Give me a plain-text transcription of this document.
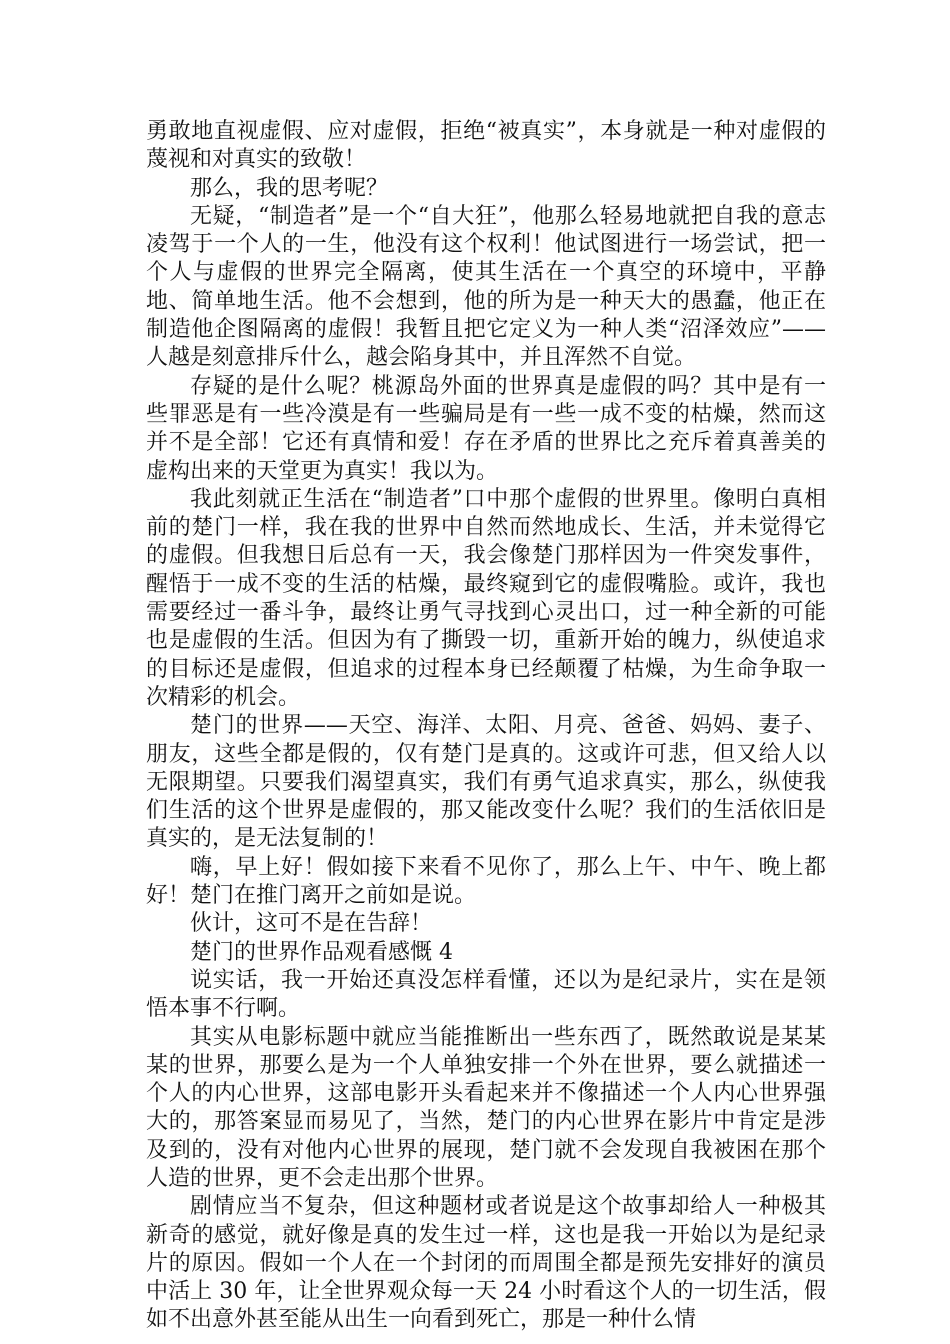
勇敢地直视虚假、应对虚假，拒绝“被真实”，本身就是一种对虚假的蔑视和对真实的致敬！

那么，我的思考呢？

无疑，“制造者”是一个“自大狂”，他那么轻易地就把自我的意志凌驾于一个人的一生，他没有这个权利！他试图进行一场尝试，把一个人与虚假的世界完全隔离，使其生活在一个真空的环境中，平静地、简单地生活。他不会想到，他的所为是一种天大的愚蠢，他正在制造他企图隔离的虚假！我暂且把它定义为一种人类“沼泽效应”——人越是刻意排斥什么，越会陷身其中，并且浑然不自觉。

存疑的是什么呢？桃源岛外面的世界真是虚假的吗？其中是有一些罪恶是有一些冷漠是有一些骗局是有一些一成不变的枯燥，然而这并不是全部！它还有真情和爱！存在矛盾的世界比之充斥着真善美的虚构出来的天堂更为真实！我以为。

我此刻就正生活在“制造者”口中那个虚假的世界里。像明白真相前的楚门一样，我在我的世界中自然而然地成长、生活，并未觉得它的虚假。但我想日后总有一天，我会像楚门那样因为一件突发事件，醒悟于一成不变的生活的枯燥，最终窥到它的虚假嘴脸。或许，我也需要经过一番斗争，最终让勇气寻找到心灵出口，过一种全新的可能也是虚假的生活。但因为有了撕毁一切，重新开始的魄力，纵使追求的目标还是虚假，但追求的过程本身已经颠覆了枯燥，为生命争取一次精彩的机会。

楚门的世界——天空、海洋、太阳、月亮、爸爸、妈妈、妻子、朋友，这些全都是假的，仅有楚门是真的。这或许可悲，但又给人以无限期望。只要我们渴望真实，我们有勇气追求真实，那么，纵使我们生活的这个世界是虚假的，那又能改变什么呢？我们的生活依旧是真实的，是无法复制的！

嗨，早上好！假如接下来看不见你了，那么上午、中午、晚上都好！楚门在推门离开之前如是说。

伙计，这可不是在告辞！

楚门的世界作品观看感慨 4

说实话，我一开始还真没怎样看懂，还以为是纪录片，实在是领悟本事不行啊。

其实从电影标题中就应当能推断出一些东西了，既然敢说是某某某的世界，那要么是为一个人单独安排一个外在世界，要么就描述一个人的内心世界，这部电影开头看起来并不像描述一个人内心世界强大的，那答案显而易见了，当然，楚门的内心世界在影片中肯定是涉及到的，没有对他内心世界的展现，楚门就不会发现自我被困在那个人造的世界，更不会走出那个世界。

剧情应当不复杂，但这种题材或者说是这个故事却给人一种极其新奇的感觉，就好像是真的发生过一样，这也是我一开始以为是纪录片的原因。假如一个人在一个封闭的而周围全都是预先安排好的演员中活上 30 年，让全世界观众每一天 24 小时看这个人的一切生活，假如不出意外甚至能从出生一向看到死亡，那是一种什么情
